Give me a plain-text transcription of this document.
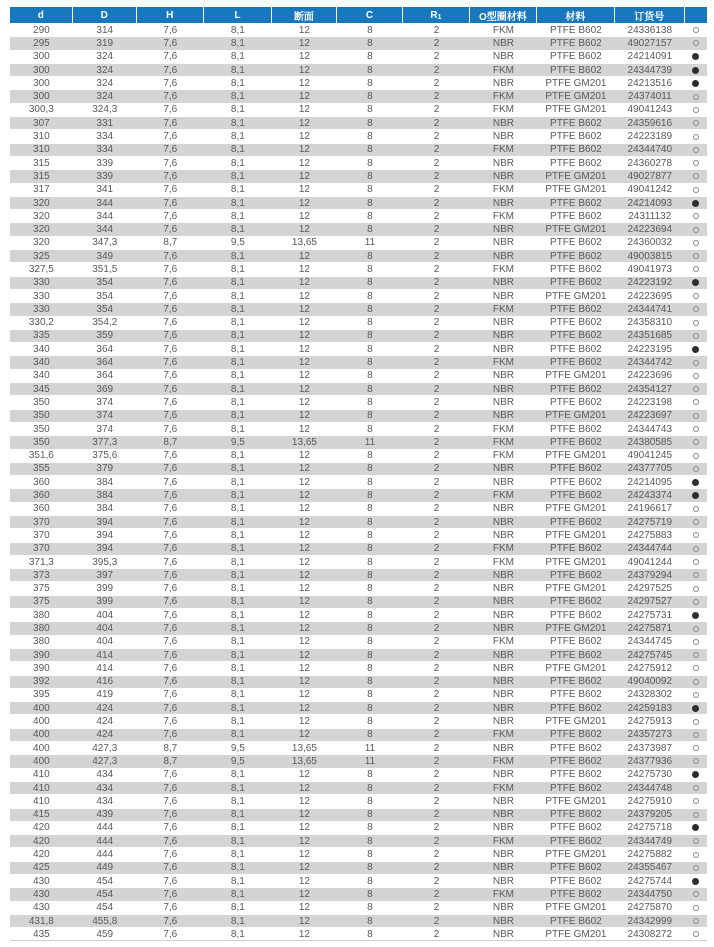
d	D	H	L	断面	C	R 1	O型圈材料	材料	订货号
290	314	7,6	8,1	12	8	2	FKM	PTFE B602	24336138
295	319	7,6	8,1	12	8	2	NBR	PTFE B602	49027157
300	324	7,6	8,1	12	8	2	NBR	PTFE B602	24214091
300	324	7,6	8,1	12	8	2	FKM	PTFE B602	24344739
300	324	7,6	8,1	12	8	2	NBR	PTFE GM201	24213516
300	324	7,6	8,1	12	8	2	FKM	PTFE GM201	24374011
300,3	324,3	7,6	8,1	12	8	2	FKM	PTFE GM201	49041243
307	331	7,6	8,1	12	8	2	NBR	PTFE B602	24359616
310	334	7,6	8,1	12	8	2	NBR	PTFE B602	24223189
310	334	7,6	8,1	12	8	2	FKM	PTFE B602	24344740
315	339	7,6	8,1	12	8	2	NBR	PTFE B602	24360278
315	339	7,6	8,1	12	8	2	NBR	PTFE GM201	49027877
317	341	7,6	8,1	12	8	2	FKM	PTFE GM201	49041242
320	344	7,6	8,1	12	8	2	NBR	PTFE B602	24214093
320	344	7,6	8,1	12	8	2	FKM	PTFE B602	24311132
320	344	7,6	8,1	12	8	2	NBR	PTFE GM201	24223694
320	347,3	8,7	9,5	13,65	11	2	NBR	PTFE B602	24360032
325	349	7,6	8,1	12	8	2	NBR	PTFE B602	49003815
327,5	351,5	7,6	8,1	12	8	2	FKM	PTFE B602	49041973
330	354	7,6	8,1	12	8	2	NBR	PTFE B602	24223192
330	354	7,6	8,1	12	8	2	NBR	PTFE GM201	24223695
330	354	7,6	8,1	12	8	2	FKM	PTFE B602	24344741
330,2	354,2	7,6	8,1	12	8	2	NBR	PTFE B602	24358310
335	359	7,6	8,1	12	8	2	NBR	PTFE B602	24351685
340	364	7,6	8,1	12	8	2	NBR	PTFE B602	24223195
340	364	7,6	8,1	12	8	2	FKM	PTFE B602	24344742
340	364	7,6	8,1	12	8	2	NBR	PTFE GM201	24223696
345	369	7,6	8,1	12	8	2	NBR	PTFE B602	24354127
350	374	7,6	8,1	12	8	2	NBR	PTFE B602	24223198
350	374	7,6	8,1	12	8	2	NBR	PTFE GM201	24223697
350	374	7,6	8,1	12	8	2	FKM	PTFE B602	24344743
350	377,3	8,7	9,5	13,65	11	2	FKM	PTFE B602	24380585
351,6	375,6	7,6	8,1	12	8	2	FKM	PTFE GM201	49041245
355	379	7,6	8,1	12	8	2	NBR	PTFE B602	24377705
360	384	7,6	8,1	12	8	2	NBR	PTFE B602	24214095
360	384	7,6	8,1	12	8	2	FKM	PTFE B602	24243374
360	384	7,6	8,1	12	8	2	NBR	PTFE GM201	24196617
370	394	7,6	8,1	12	8	2	NBR	PTFE B602	24275719
370	394	7,6	8,1	12	8	2	NBR	PTFE GM201	24275883
370	394	7,6	8,1	12	8	2	FKM	PTFE B602	24344744
371,3	395,3	7,6	8,1	12	8	2	FKM	PTFE GM201	49041244
373	397	7,6	8,1	12	8	2	NBR	PTFE B602	24379294
375	399	7,6	8,1	12	8	2	NBR	PTFE GM201	24297525
375	399	7,6	8,1	12	8	2	NBR	PTFE B602	24297527
380	404	7,6	8,1	12	8	2	NBR	PTFE B602	24275731
380	404	7,6	8,1	12	8	2	NBR	PTFE GM201	24275871
380	404	7,6	8,1	12	8	2	FKM	PTFE B602	24344745
390	414	7,6	8,1	12	8	2	NBR	PTFE B602	24275745
390	414	7,6	8,1	12	8	2	NBR	PTFE GM201	24275912
392	416	7,6	8,1	12	8	2	NBR	PTFE B602	49040092
395	419	7,6	8,1	12	8	2	NBR	PTFE B602	24328302
400	424	7,6	8,1	12	8	2	NBR	PTFE B602	24259183
400	424	7,6	8,1	12	8	2	NBR	PTFE GM201	24275913
400	424	7,6	8,1	12	8	2	FKM	PTFE B602	24357273
400	427,3	8,7	9,5	13,65	11	2	NBR	PTFE B602	24373987
400	427,3	8,7	9,5	13,65	11	2	FKM	PTFE B602	24377936
410	434	7,6	8,1	12	8	2	NBR	PTFE B602	24275730
410	434	7,6	8,1	12	8	2	FKM	PTFE B602	24344748
410	434	7,6	8,1	12	8	2	NBR	PTFE GM201	24275910
415	439	7,6	8,1	12	8	2	NBR	PTFE B602	24379205
420	444	7,6	8,1	12	8	2	NBR	PTFE B602	24275718
420	444	7,6	8,1	12	8	2	FKM	PTFE B602	24344749
420	444	7,6	8,1	12	8	2	NBR	PTFE GM201	24275882
425	449	7,6	8,1	12	8	2	NBR	PTFE B602	24355467
430	454	7,6	8,1	12	8	2	NBR	PTFE B602	24275744
430	454	7,6	8,1	12	8	2	FKM	PTFE B602	24344750
430	454	7,6	8,1	12	8	2	NBR	PTFE GM201	24275870
431,8	455,8	7,6	8,1	12	8	2	NBR	PTFE B602	24342999
435	459	7,6	8,1	12	8	2	NBR	PTFE GM201	24308272
